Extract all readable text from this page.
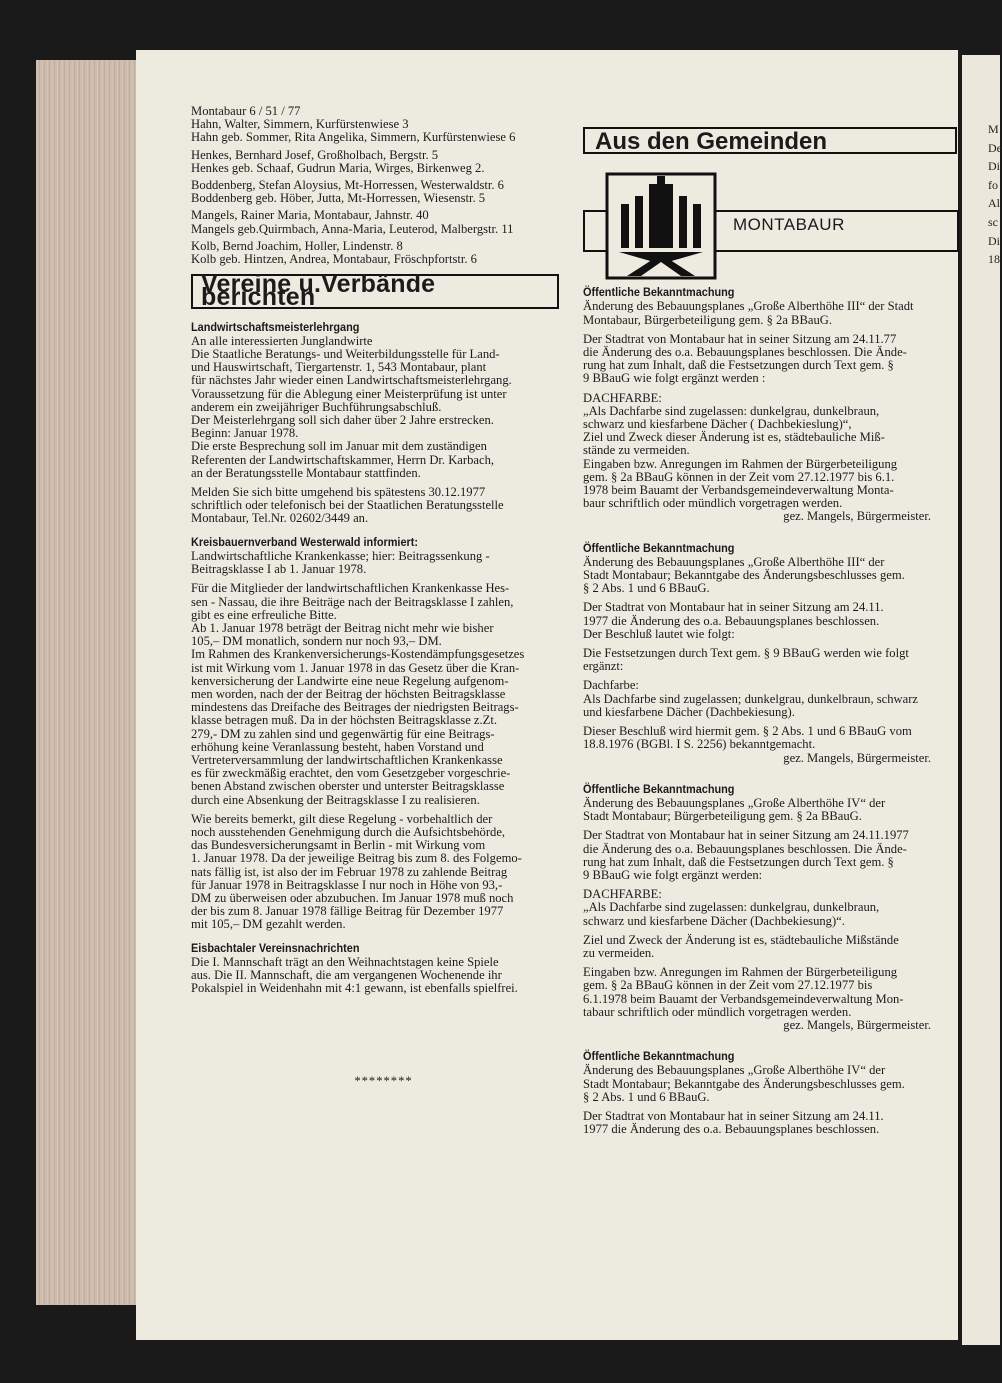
M
De
Di
fo
Al
sc
Di
18
Montabaur 6 / 51 / 77
Hahn, Walter, Simmern, Kurfürstenwiese 3
Hahn geb. Sommer, Rita Angelika, Simmern, Kurfürstenwiese 6
Henkes, Bernhard Josef, Großholbach, Bergstr. 5
Henkes geb. Schaaf, Gudrun Maria, Wirges, Birkenweg 2.
Boddenberg, Stefan Aloysius, Mt-Horressen, Westerwaldstr. 6
Boddenberg geb. Höber, Jutta, Mt-Horressen, Wiesenstr. 5
Mangels, Rainer Maria, Montabaur, Jahnstr. 40
Mangels geb.Quirmbach, Anna-Maria, Leuterod, Malbergstr. 11
Kolb, Bernd Joachim, Holler, Lindenstr. 8
Kolb geb. Hintzen, Andrea, Montabaur, Fröschpfortstr. 6
Vereine u.Verbände berichten
Landwirtschaftsmeisterlehrgang
An alle interessierten Junglandwirte
Die Staatliche Beratungs- und Weiterbildungsstelle für Land-
und Hauswirtschaft, Tiergartenstr. 1, 543 Montabaur, plant
für nächstes Jahr wieder einen Landwirtschaftsmeisterlehrgang.
Voraussetzung für die Ablegung einer Meisterprüfung ist unter
anderem ein zweijähriger Buchführungsabschluß.
Der Meisterlehrgang soll sich daher über 2 Jahre erstrecken.
Beginn: Januar 1978.
Die erste Besprechung soll im Januar mit dem zuständigen
Referenten der Landwirtschaftskammer, Herrn Dr. Karbach,
an der Beratungsstelle Montabaur stattfinden.
Melden Sie sich bitte umgehend bis spätestens 30.12.1977
schriftlich oder telefonisch bei der Staatlichen Beratungsstelle
Montabaur, Tel.Nr. 02602/3449 an.
Kreisbauernverband Westerwald informiert:
Landwirtschaftliche Krankenkasse; hier: Beitragssenkung -
Beitragsklasse I ab 1. Januar 1978.
Für die Mitglieder der landwirtschaftlichen Krankenkasse Hes-
sen - Nassau, die ihre Beiträge nach der Beitragsklasse I zahlen,
gibt es eine erfreuliche Bitte.
Ab 1. Januar 1978 beträgt der Beitrag nicht mehr wie bisher
105,– DM monatlich, sondern nur noch 93,– DM.
Im Rahmen des Krankenversicherungs-Kostendämpfungsgesetzes
ist mit Wirkung vom 1. Januar 1978 in das Gesetz über die Kran-
kenversicherung der Landwirte eine neue Regelung aufgenom-
men worden, nach der der Beitrag der höchsten Beitragsklasse
mindestens das Dreifache des Beitrages der niedrigsten Beitrags-
klasse betragen muß. Da in der höchsten Beitragsklasse z.Zt.
279,- DM zu zahlen sind und gegenwärtig für eine Beitrags-
erhöhung keine Veranlassung besteht, haben Vorstand und
Vertreterversammlung der landwirtschaftlichen Krankenkasse
es für zweckmäßig erachtet, den vom Gesetzgeber vorgeschrie-
benen Abstand zwischen oberster und unterster Beitragsklasse
durch eine Absenkung der Beitragsklasse I zu realisieren.
Wie bereits bemerkt, gilt diese Regelung - vorbehaltlich der
noch ausstehenden Genehmigung durch die Aufsichtsbehörde,
das Bundesversicherungsamt in Berlin - mit Wirkung vom
1. Januar 1978. Da der jeweilige Beitrag bis zum 8. des Folgemo-
nats fällig ist, ist also der im Februar 1978 zu zahlende Beitrag
für Januar 1978 in Beitragsklasse I nur noch in Höhe von 93,-
DM zu überweisen oder abzubuchen. Im Januar 1978 muß noch
der bis zum 8. Januar 1978 fällige Beitrag für Dezember 1977
mit 105,– DM gezahlt werden.
Eisbachtaler Vereinsnachrichten
Die I. Mannschaft trägt an den Weihnachtstagen keine Spiele
aus. Die II. Mannschaft, die am vergangenen Wochenende ihr
Pokalspiel in Weidenhahn mit 4:1 gewann, ist ebenfalls spielfrei.
********
Aus den Gemeinden
MONTABAUR
Öffentliche Bekanntmachung
Änderung des Bebauungsplanes „Große Alberthöhe III“ der Stadt
Montabaur, Bürgerbeteiligung gem. § 2a BBauG.
Der Stadtrat von Montabaur hat in seiner Sitzung am 24.11.77
die Änderung des o.a. Bebauungsplanes beschlossen. Die Ände-
rung hat zum Inhalt, daß die Festsetzungen durch Text gem. §
9 BBauG wie folgt ergänzt werden :
DACHFARBE:
„Als Dachfarbe sind zugelassen: dunkelgrau, dunkelbraun,
schwarz und kiesfarbene Dächer ( Dachbekieslung)“,
Ziel und Zweck dieser Änderung ist es, städtebauliche Miß-
stände zu vermeiden.
Eingaben bzw. Anregungen im Rahmen der Bürgerbeteiligung
gem. § 2a BBauG können in der Zeit vom 27.12.1977 bis 6.1.
1978 beim Bauamt der Verbandsgemeindeverwaltung Monta-
baur schriftlich oder mündlich vorgetragen werden.
gez. Mangels, Bürgermeister.
Öffentliche Bekanntmachung
Änderung des Bebauungsplanes „Große Alberthöhe III“ der
Stadt Montabaur; Bekanntgabe des Änderungsbeschlusses gem.
§ 2 Abs. 1 und 6 BBauG.
Der Stadtrat von Montabaur hat in seiner Sitzung am 24.11.
1977 die Änderung des o.a. Bebauungsplanes beschlossen.
Der Beschluß lautet wie folgt:
Die Festsetzungen durch Text gem. § 9 BBauG werden wie folgt
ergänzt:
Dachfarbe:
Als Dachfarbe sind zugelassen; dunkelgrau, dunkelbraun, schwarz
und kiesfarbene Dächer (Dachbekiesung).
Dieser Beschluß wird hiermit gem. § 2 Abs. 1 und 6 BBauG vom
18.8.1976 (BGBl. I S. 2256) bekanntgemacht.
gez. Mangels, Bürgermeister.
Öffentliche Bekanntmachung
Änderung des Bebauungsplanes „Große Alberthöhe IV“ der
Stadt Montabaur; Bürgerbeteiligung gem. § 2a BBauG.
Der Stadtrat von Montabaur hat in seiner Sitzung am 24.11.1977
die Änderung des o.a. Bebauungsplanes beschlossen. Die Ände-
rung hat zum Inhalt, daß die Festsetzungen durch Text gem. §
9 BBauG wie folgt ergänzt werden:
DACHFARBE:
„Als Dachfarbe sind zugelassen: dunkelgrau, dunkelbraun,
schwarz und kiesfarbene Dächer (Dachbekiesung)“.
Ziel und Zweck der Änderung ist es, städtebauliche Mißstände
zu vermeiden.
Eingaben bzw. Anregungen im Rahmen der Bürgerbeteiligung
gem. § 2a BBauG können in der Zeit vom 27.12.1977 bis
6.1.1978 beim Bauamt der Verbandsgemeindeverwaltung Mon-
tabaur schriftlich oder mündlich vorgetragen werden.
gez. Mangels, Bürgermeister.
Öffentliche Bekanntmachung
Änderung des Bebauungsplanes „Große Alberthöhe IV“ der
Stadt Montabaur; Bekanntgabe des Änderungsbeschlusses gem.
§ 2 Abs. 1 und 6 BBauG.
Der Stadtrat von Montabaur hat in seiner Sitzung am 24.11.
1977 die Änderung des o.a. Bebauungsplanes beschlossen.
